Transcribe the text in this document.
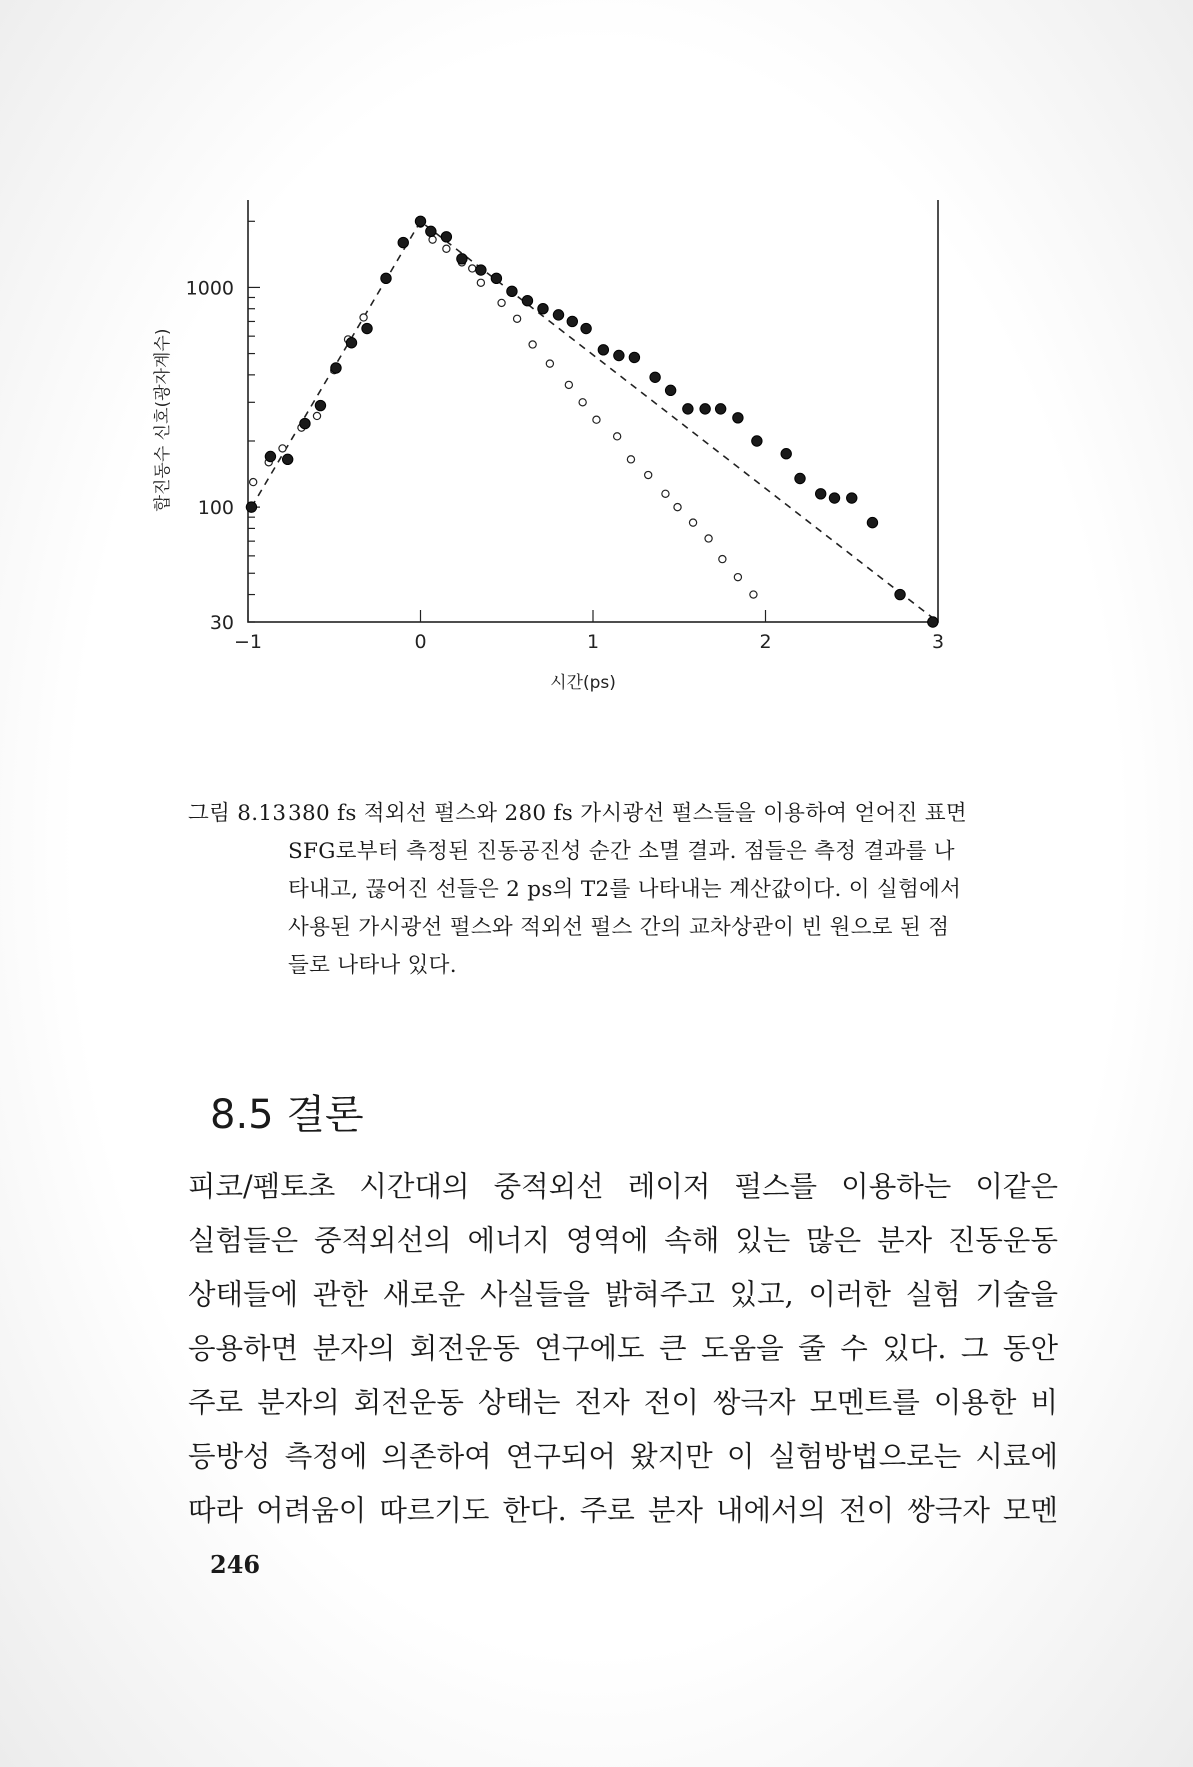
30
100
1000
−1	0	1	2	3
시간(ps)
합진동수 신호(광자계수)
그림 8.13 380 fs 적외선 펄스와 280 fs 가시광선 펄스들을 이용하여 얻어진 표면
SFG로부터 측정된 진동공진성 순간 소멸 결과. 점들은 측정 결과를 나
타내고, 끊어진 선들은 2 ps의 T2를 나타내는 계산값이다. 이 실험에서
사용된 가시광선 펄스와 적외선 펄스 간의 교차상관이 빈 원으로 된 점
들로 나타나 있다.
8.5 결론
피코/펨토초 시간대의 중적외선 레이저 펄스를 이용하는 이같은
실험들은 중적외선의 에너지 영역에 속해 있는 많은 분자 진동운동
상태들에 관한 새로운 사실들을 밝혀주고 있고, 이러한 실험 기술을
응용하면 분자의 회전운동 연구에도 큰 도움을 줄 수 있다. 그 동안
주로 분자의 회전운동 상태는 전자 전이 쌍극자 모멘트를 이용한 비
등방성 측정에 의존하여 연구되어 왔지만 이 실험방법으로는 시료에
따라 어려움이 따르기도 한다. 주로 분자 내에서의 전이 쌍극자 모멘
246
